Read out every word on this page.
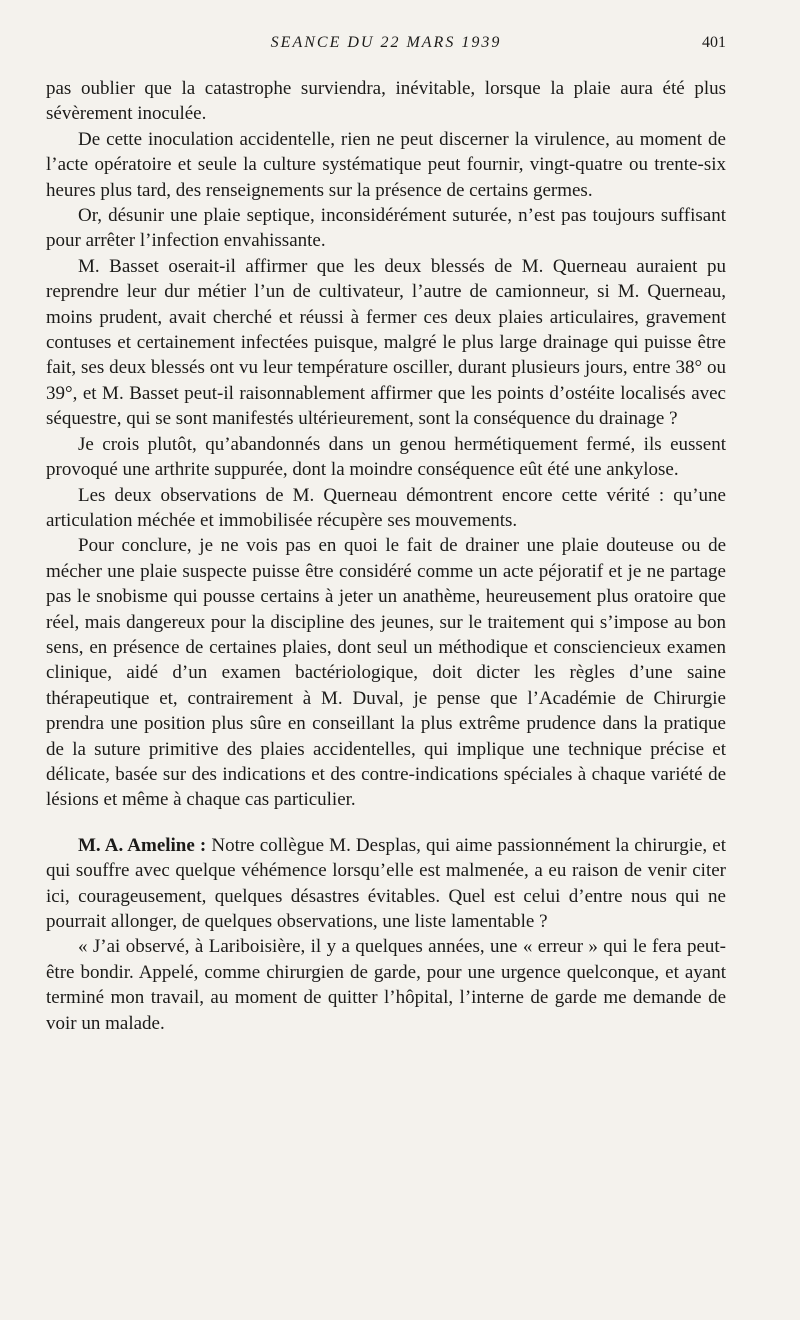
SEANCE DU 22 MARS 1939	401

pas oublier que la catastrophe surviendra, inévitable, lorsque la plaie aura été plus sévèrement inoculée.

De cette inoculation accidentelle, rien ne peut discerner la virulence, au moment de l’acte opératoire et seule la culture systématique peut fournir, vingt-quatre ou trente-six heures plus tard, des renseignements sur la présence de certains germes.

Or, désunir une plaie septique, inconsidérément suturée, n’est pas toujours suffisant pour arrêter l’infection envahissante.

M. Basset oserait-il affirmer que les deux blessés de M. Querneau auraient pu reprendre leur dur métier l’un de cultivateur, l’autre de camionneur, si M. Querneau, moins prudent, avait cherché et réussi à fermer ces deux plaies articulaires, gravement contuses et certainement infectées puisque, malgré le plus large drainage qui puisse être fait, ses deux blessés ont vu leur température osciller, durant plusieurs jours, entre 38° ou 39°, et M. Basset peut-il raisonnablement affirmer que les points d’ostéite localisés avec séquestre, qui se sont manifestés ultérieurement, sont la conséquence du drainage ?

Je crois plutôt, qu’abandonnés dans un genou hermétiquement fermé, ils eussent provoqué une arthrite suppurée, dont la moindre conséquence eût été une ankylose.

Les deux observations de M. Querneau démontrent encore cette vérité : qu’une articulation méchée et immobilisée récupère ses mouvements.

Pour conclure, je ne vois pas en quoi le fait de drainer une plaie douteuse ou de mécher une plaie suspecte puisse être considéré comme un acte péjoratif et je ne partage pas le snobisme qui pousse certains à jeter un anathème, heureusement plus oratoire que réel, mais dangereux pour la discipline des jeunes, sur le traitement qui s’impose au bon sens, en présence de certaines plaies, dont seul un méthodique et consciencieux examen clinique, aidé d’un examen bactériologique, doit dicter les règles d’une saine thérapeutique et, contrairement à M. Duval, je pense que l’Académie de Chirurgie prendra une position plus sûre en conseillant la plus extrême prudence dans la pratique de la suture primitive des plaies accidentelles, qui implique une technique précise et délicate, basée sur des indications et des contre-indications spéciales à chaque variété de lésions et même à chaque cas particulier.

M. A. Ameline : Notre collègue M. Desplas, qui aime passionnément la chirurgie, et qui souffre avec quelque véhémence lorsqu’elle est malmenée, a eu raison de venir citer ici, courageusement, quelques désastres évitables. Quel est celui d’entre nous qui ne pourrait allonger, de quelques observations, une liste lamentable ?

« J’ai observé, à Lariboisière, il y a quelques années, une « erreur » qui le fera peut-être bondir. Appelé, comme chirurgien de garde, pour une urgence quelconque, et ayant terminé mon travail, au moment de quitter l’hôpital, l’interne de garde me demande de voir un malade.
